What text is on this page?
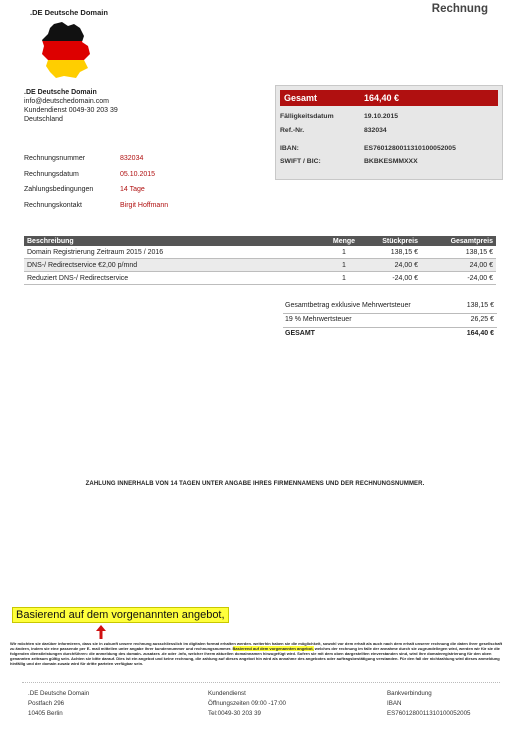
.DE Deutsche Domain	Rechnung
.DE Deutsche Domain
info@deutschedomain.com
Kundendienst 0049-30 203 39
Deutschland
Rechnungsnummer	832034
Rechnungsdatum	05.10.2015
Zahlungsbedingungen	14 Tage
Rechnungskontakt	Birgit Hoffmann
Gesamt	164,40 €
Fälligkeitsdatum	19.10.2015
Ref.-Nr.	832034
IBAN:	ES7601280011310100052005
SWIFT / BIC:	BKBKESMMXXX
Beschreibung	Menge	Stückpreis	Gesamtpreis
Domain Registrierung Zeitraum 2015 / 2016	1	138,15 €	138,15 €
DNS-/ Redirectservice €2,00 p/mnd	1	24,00 €	24,00 €
Reduziert DNS-/ Redirectservice	1	-24,00 €	-24,00 €
Gesamtbetrag exklusive Mehrwertsteuer	138,15 €
19 % Mehrwertsteuer	26,25 €
GESAMT	164,40 €
ZAHLUNG INNERHALB VON 14 TAGEN UNTER ANGABE IHRES FIRMENNAMENS UND DER RECHNUNGSNUMMER.
Basierend auf dem vorgenannten angebot,
Wir möchten sie darüber informieren, dass sie in zukunft unsere rechnung ausschliesslich im digitalen format erhalten werden. weiterhin haben sie die möglichkeit, sowohl vor dem erhalt als auch nach dem erhalt unserer rechnung die daten ihrer gesellschaft zu ändern, indem sie eine passende per E- mail mitteilen unter angabe ihrer kundennummer und rechnungsnummer. Basierend auf dem vorgenannten angebot, welches der rechnung im falle der annahme durch sie zugrundeliegen wird, werden wir für sie die folgenden dienstleistungen durchführen: die anmeldung des domain- zusatzes .de oder .info, welcher ihrem aktuellen domainnamen hinzugefügt wird. Sofern sie mit dem oben dargestellten einverstanden sind, wird ihre domainregistrierung für den oben genannten zeitraum gültig sein. Achten sie bitte darauf. Dies ist ein angebot und keine rechnung, die zahlung auf dieses angebot hin wird als annahme des angebotes oder auftragsbestätigung verstanden. Für den fall der nichtzahlung wird dieses anmeldung hinfällig und der domain zusatz wird für dritte parteien verfügbar sein.
.DE Deutsche Domain
Postfach 296
10405 Berlin
Kundendienst
Öffnungszeiten 09:00 -17:00
Tel:0049-30 203 39
Bankverbindung
IBAN
ES7601280011310100052005
